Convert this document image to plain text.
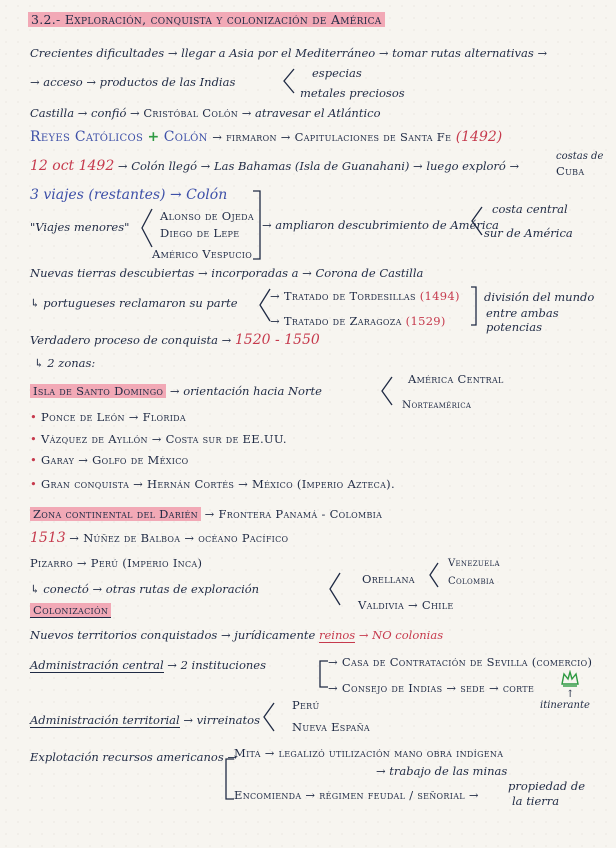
3.2.- Exploración, conquista y colonización de América
Crecientes dificultades → llegar a Asia por el Mediterráneo → tomar rutas alternativas →
→ acceso → productos de las Indias
especias
metales preciosos
Castilla → confió → Cristóbal Colón → atravesar el Atlántico
Reyes Católicos + Colón → firmaron → Capitulaciones de Santa Fe (1492)
12 oct 1492 → Colón llegó → Las Bahamas (Isla de Guanahani) → luego exploró →
costas de
Cuba
3 viajes (restantes) → Colón
"Viajes menores"
Alonso de Ojeda
Diego de Lepe
Américo Vespucio
→ ampliaron descubrimiento de América
costa central
sur de América
Nuevas tierras descubiertas → incorporadas a → Corona de Castilla
↳ portugueses reclamaron su parte	→ Tratado de Tordesillas (1494)
→ Tratado de Zaragoza (1529)
división del mundo
entre ambas
potencias
Verdadero proceso de conquista → 1520 - 1550
↳ 2 zonas:
Isla de Santo Domingo → orientación hacia Norte
América Central
Norteamérica
• Ponce de León → Florida
• Vázquez de Ayllón → Costa sur de EE.UU.
• Garay → Golfo de México
• Gran conquista → Hernán Cortés → México (Imperio Azteca).
Zona continental del Darién → Frontera Panamá - Colombia
1513 → Núñez de Balboa → océano Pacífico
Pizarro → Perú (Imperio Inca)
↳ conectó → otras rutas de exploración
Orellana
Venezuela
Colombia
Valdivia → Chile
Colonización
Nuevos territorios conquistados → jurídicamente reinos → NO colonias
Administración central → 2 instituciones	→ Casa de Contratación de Sevilla (comercio)
→ Consejo de Indias → sede → corte	↑
itinerante
Administración territorial → virreinatos
Perú
Nueva España
Explotación recursos americanos →
Mita → legalizó utilización mano obra indígena
→ trabajo de las minas
Encomienda → régimen feudal / señorial →
propiedad de
la tierra
